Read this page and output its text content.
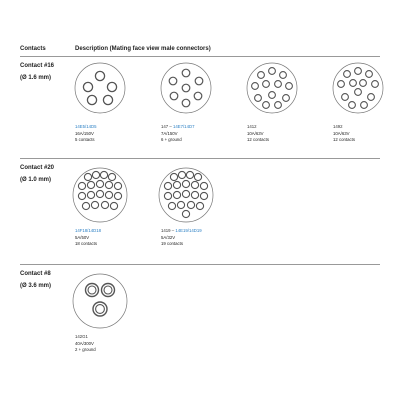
Contacts	Description (Mating face view male connectors)
Contact #16
(Ø 1.6 mm)
14E5/14D5
16A/150V
5 contacts
147 – 14E7/14D7
7A/150V
6 + ground
1412
10A/63V
12 contacts
1492
10A/63V
12 contacts
Contact #20
(Ø 1.0 mm)
14F18/14D18
5A/50V
18 contacts
1419 – 14E19/14D19
5A/32V
19 contacts
Contact #8
(Ø 3.6 mm)
142G1
40A/300V
2 + ground
